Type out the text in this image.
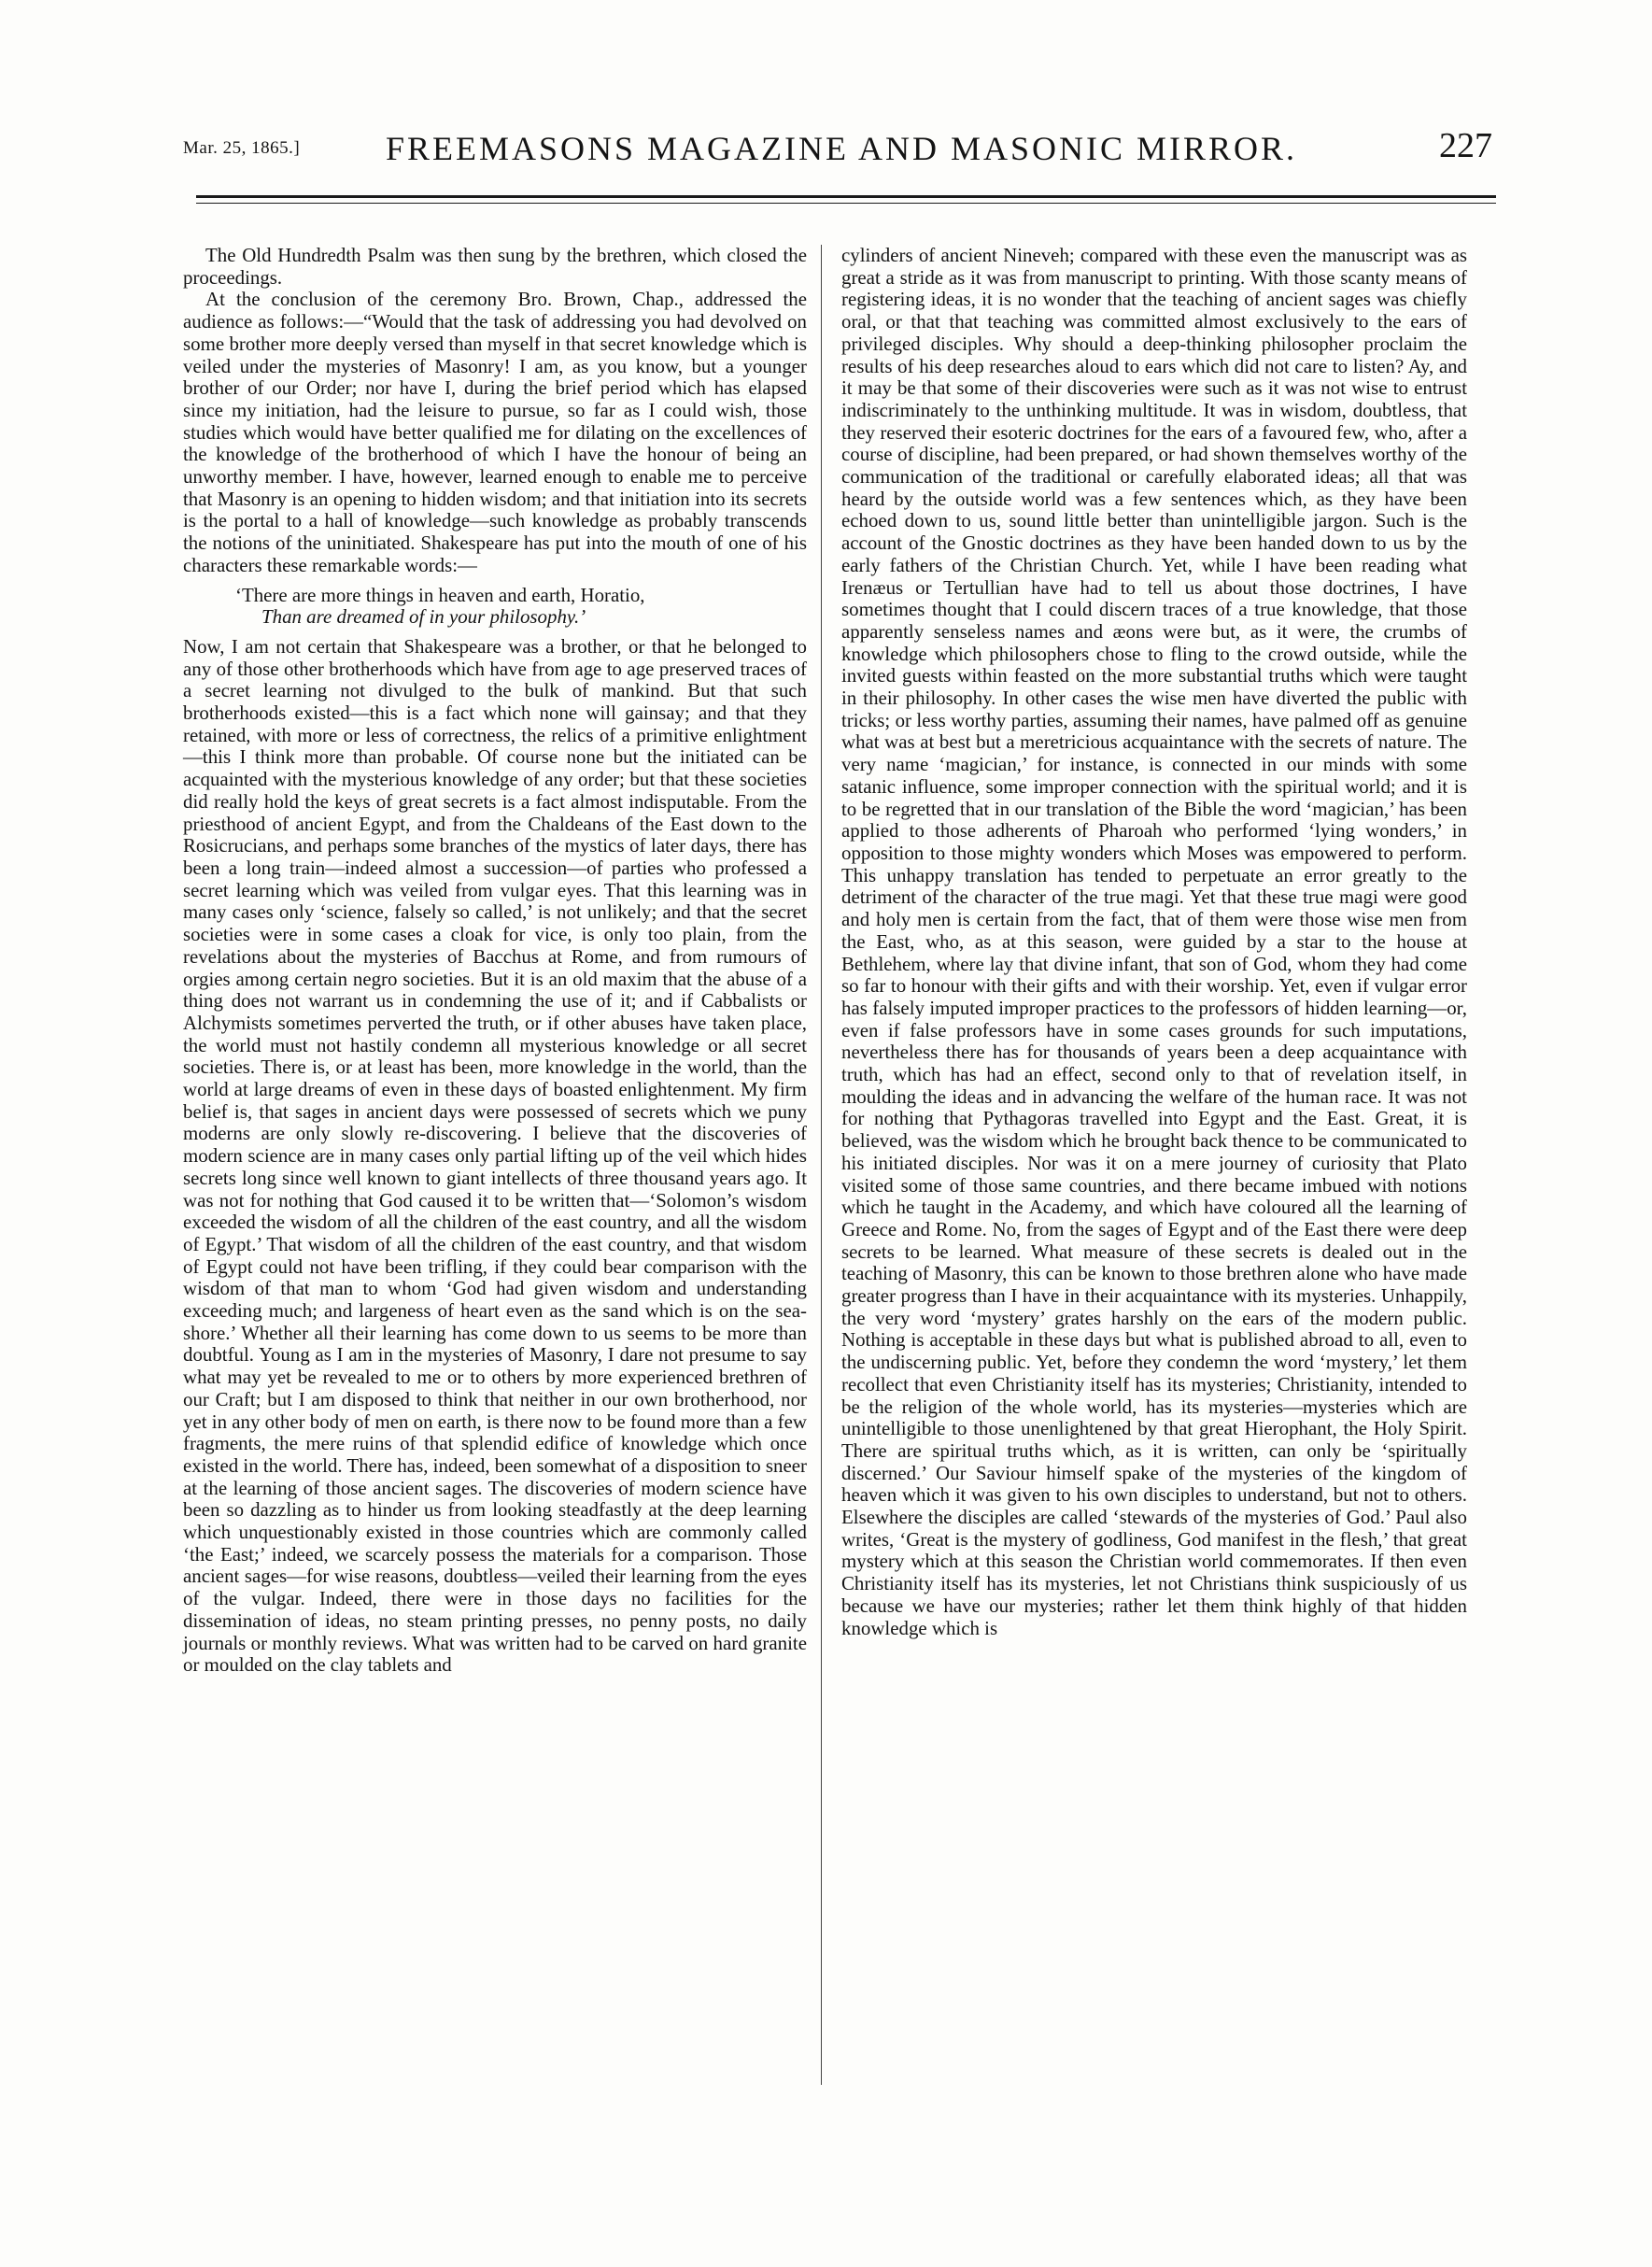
Mar. 25, 1865.]	FREEMASONS MAGAZINE AND MASONIC MIRROR.	227

The Old Hundredth Psalm was then sung by the brethren, which closed the proceedings.

At the conclusion of the ceremony Bro. Brown, Chap., addressed the audience as follows:—“Would that the task of addressing you had devolved on some brother more deeply versed than myself in that secret knowledge which is veiled under the mysteries of Masonry! I am, as you know, but a younger brother of our Order; nor have I, during the brief period which has elapsed since my initiation, had the leisure to pursue, so far as I could wish, those studies which would have better qualified me for dilating on the excellences of the knowledge of the brotherhood of which I have the honour of being an unworthy member. I have, however, learned enough to enable me to perceive that Masonry is an opening to hidden wisdom; and that initiation into its secrets is the portal to a hall of knowledge—such knowledge as probably transcends the notions of the uninitiated. Shakespeare has put into the mouth of one of his characters these remarkable words:—

‘There are more things in heaven and earth, Horatio,
Than are dreamed of in your philosophy.’

Now, I am not certain that Shakespeare was a brother, or that he belonged to any of those other brotherhoods which have from age to age preserved traces of a secret learning not divulged to the bulk of mankind. But that such brotherhoods existed—this is a fact which none will gainsay; and that they retained, with more or less of correctness, the relics of a primitive enlightment—this I think more than probable. Of course none but the initiated can be acquainted with the mysterious knowledge of any order; but that these societies did really hold the keys of great secrets is a fact almost indisputable. From the priesthood of ancient Egypt, and from the Chaldeans of the East down to the Rosicrucians, and perhaps some branches of the mystics of later days, there has been a long train—indeed almost a succession—of parties who professed a secret learning which was veiled from vulgar eyes. That this learning was in many cases only ‘science, falsely so called,’ is not unlikely; and that the secret societies were in some cases a cloak for vice, is only too plain, from the revelations about the mysteries of Bacchus at Rome, and from rumours of orgies among certain negro societies. But it is an old maxim that the abuse of a thing does not warrant us in condemning the use of it; and if Cabbalists or Alchymists sometimes perverted the truth, or if other abuses have taken place, the world must not hastily condemn all mysterious knowledge or all secret societies. There is, or at least has been, more knowledge in the world, than the world at large dreams of even in these days of boasted enlightenment. My firm belief is, that sages in ancient days were possessed of secrets which we puny moderns are only slowly re-discovering. I believe that the discoveries of modern science are in many cases only partial lifting up of the veil which hides secrets long since well known to giant intellects of three thousand years ago. It was not for nothing that God caused it to be written that—‘Solomon’s wisdom exceeded the wisdom of all the children of the east country, and all the wisdom of Egypt.’ That wisdom of all the children of the east country, and that wisdom of Egypt could not have been trifling, if they could bear comparison with the wisdom of that man to whom ‘God had given wisdom and understanding exceeding much; and largeness of heart even as the sand which is on the sea-shore.’ Whether all their learning has come down to us seems to be more than doubtful. Young as I am in the mysteries of Masonry, I dare not presume to say what may yet be revealed to me or to others by more experienced brethren of our Craft; but I am disposed to think that neither in our own brotherhood, nor yet in any other body of men on earth, is there now to be found more than a few fragments, the mere ruins of that splendid edifice of knowledge which once existed in the world. There has, indeed, been somewhat of a disposition to sneer at the learning of those ancient sages. The discoveries of modern science have been so dazzling as to hinder us from looking steadfastly at the deep learning which unquestionably existed in those countries which are commonly called ‘the East;’ indeed, we scarcely possess the materials for a comparison. Those ancient sages—for wise reasons, doubtless—veiled their learning from the eyes of the vulgar. Indeed, there were in those days no facilities for the dissemination of ideas, no steam printing presses, no penny posts, no daily journals or monthly reviews. What was written had to be carved on hard granite or moulded on the clay tablets and

cylinders of ancient Nineveh; compared with these even the manuscript was as great a stride as it was from manuscript to printing. With those scanty means of registering ideas, it is no wonder that the teaching of ancient sages was chiefly oral, or that that teaching was committed almost exclusively to the ears of privileged disciples. Why should a deep-thinking philosopher proclaim the results of his deep researches aloud to ears which did not care to listen? Ay, and it may be that some of their discoveries were such as it was not wise to entrust indiscriminately to the unthinking multitude. It was in wisdom, doubtless, that they reserved their esoteric doctrines for the ears of a favoured few, who, after a course of discipline, had been prepared, or had shown themselves worthy of the communication of the traditional or carefully elaborated ideas; all that was heard by the outside world was a few sentences which, as they have been echoed down to us, sound little better than unintelligible jargon. Such is the account of the Gnostic doctrines as they have been handed down to us by the early fathers of the Christian Church. Yet, while I have been reading what Irenæus or Tertullian have had to tell us about those doctrines, I have sometimes thought that I could discern traces of a true knowledge, that those apparently senseless names and æons were but, as it were, the crumbs of knowledge which philosophers chose to fling to the crowd outside, while the invited guests within feasted on the more substantial truths which were taught in their philosophy. In other cases the wise men have diverted the public with tricks; or less worthy parties, assuming their names, have palmed off as genuine what was at best but a meretricious acquaintance with the secrets of nature. The very name ‘magician,’ for instance, is connected in our minds with some satanic influence, some improper connection with the spiritual world; and it is to be regretted that in our translation of the Bible the word ‘magician,’ has been applied to those adherents of Pharoah who performed ‘lying wonders,’ in opposition to those mighty wonders which Moses was empowered to perform. This unhappy translation has tended to perpetuate an error greatly to the detriment of the character of the true magi. Yet that these true magi were good and holy men is certain from the fact, that of them were those wise men from the East, who, as at this season, were guided by a star to the house at Bethlehem, where lay that divine infant, that son of God, whom they had come so far to honour with their gifts and with their worship. Yet, even if vulgar error has falsely imputed improper practices to the professors of hidden learning—or, even if false professors have in some cases grounds for such imputations, nevertheless there has for thousands of years been a deep acquaintance with truth, which has had an effect, second only to that of revelation itself, in moulding the ideas and in advancing the welfare of the human race. It was not for nothing that Pythagoras travelled into Egypt and the East. Great, it is believed, was the wisdom which he brought back thence to be communicated to his initiated disciples. Nor was it on a mere journey of curiosity that Plato visited some of those same countries, and there became imbued with notions which he taught in the Academy, and which have coloured all the learning of Greece and Rome. No, from the sages of Egypt and of the East there were deep secrets to be learned. What measure of these secrets is dealed out in the teaching of Masonry, this can be known to those brethren alone who have made greater progress than I have in their acquaintance with its mysteries. Unhappily, the very word ‘mystery’ grates harshly on the ears of the modern public. Nothing is acceptable in these days but what is published abroad to all, even to the undiscerning public. Yet, before they condemn the word ‘mystery,’ let them recollect that even Christianity itself has its mysteries; Christianity, intended to be the religion of the whole world, has its mysteries—mysteries which are unintelligible to those unenlightened by that great Hierophant, the Holy Spirit. There are spiritual truths which, as it is written, can only be ‘spiritually discerned.’ Our Saviour himself spake of the mysteries of the kingdom of heaven which it was given to his own disciples to understand, but not to others. Elsewhere the disciples are called ‘stewards of the mysteries of God.’ Paul also writes, ‘Great is the mystery of godliness, God manifest in the flesh,’ that great mystery which at this season the Christian world commemorates. If then even Christianity itself has its mysteries, let not Christians think suspiciously of us because we have our mysteries; rather let them think highly of that hidden knowledge which is
